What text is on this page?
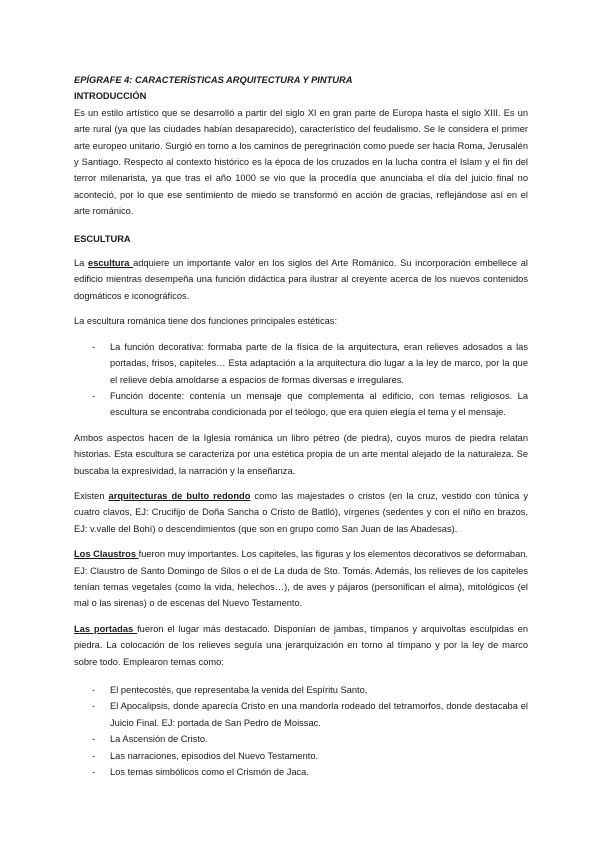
EPÍGRAFE 4: CARACTERÍSTICAS ARQUITECTURA Y PINTURA

INTRODUCCIÓN

Es un estilo artístico que se desarrolló a partir del siglo XI en gran parte de Europa hasta el siglo XIII. Es un arte rural (ya que las ciudades habían desaparecido), característico del feudalismo. Se le considera el primer arte europeo unitario. Surgió en torno a los caminos de peregrinación como puede ser hacia Roma, Jerusalén y Santiago. Respecto al contexto histórico es la época de los cruzados en la lucha contra el Islam y el fin del terror milenarista, ya que tras el año 1000 se vio que la procedía que anunciaba el día del juicio final no aconteció, por lo que ese sentimiento de miedo se transformó en acción de gracias, reflejándose así en el arte románico.

ESCULTURA

La escultura adquiere un importante valor en los siglos del Arte Románico. Su incorporación embellece al edificio mientras desempeña una función didáctica para ilustrar al creyente acerca de los nuevos contenidos dogmáticos e iconográficos.

La escultura románica tiene dos funciones principales estéticas:

- La función decorativa: formaba parte de la física de la arquitectura, eran relieves adosados a las portadas, frisos, capiteles… Esta adaptación a la arquitectura dio lugar a la ley de marco, por la que el relieve debía amoldarse a espacios de formas diversas e irregulares.
- Función docente: contenía un mensaje que complementa al edificio, con temas religiosos. La escultura se encontraba condicionada por el teólogo, que era quien elegía el tema y el mensaje.

Ambos aspectos hacen de la Iglesia románica un libro pétreo (de piedra), cuyos muros de piedra relatan historias. Esta escultura se caracteriza por una estética propia de un arte mental alejado de la naturaleza. Se buscaba la expresividad, la narración y la enseñanza.

Existen arquitecturas de bulto redondo como las majestades o cristos (en la cruz, vestido con túnica y cuatro clavos, EJ: Crucifijo de Doña Sancha o Cristo de Batlló), vírgenes (sedentes y con el niño en brazos, EJ: v.valle del Bohí) o descendimientos (que son en grupo como San Juan de las Abadesas).

Los Claustros fueron muy importantes. Los capiteles, las figuras y los elementos decorativos se deformaban. EJ: Claustro de Santo Domingo de Silos o el de La duda de Sto. Tomás. Además, los relieves de los capiteles tenían temas vegetales (como la vida, helechos…), de aves y pájaros (personifican el alma), mitológicos (el mal o las sirenas) o de escenas del Nuevo Testamento.

Las portadas fueron el lugar más destacado. Disponían de jambas, tímpanos y arquivoltas esculpidas en piedra. La colocación de los relieves seguía una jerarquización en torno al tímpano y por la ley de marco sobre todo. Emplearon temas como:

- El pentecostés, que representaba la venida del Espíritu Santo,
- El Apocalipsis, donde aparecía Cristo en una mandorla rodeado del tetramorfos, donde destacaba el Juicio Final. EJ: portada de San Pedro de Moissac.
- La Ascensión de Cristo.
- Las narraciones, episodios del Nuevo Testamento.
- Los temas simbólicos como el Crismón de Jaca.
